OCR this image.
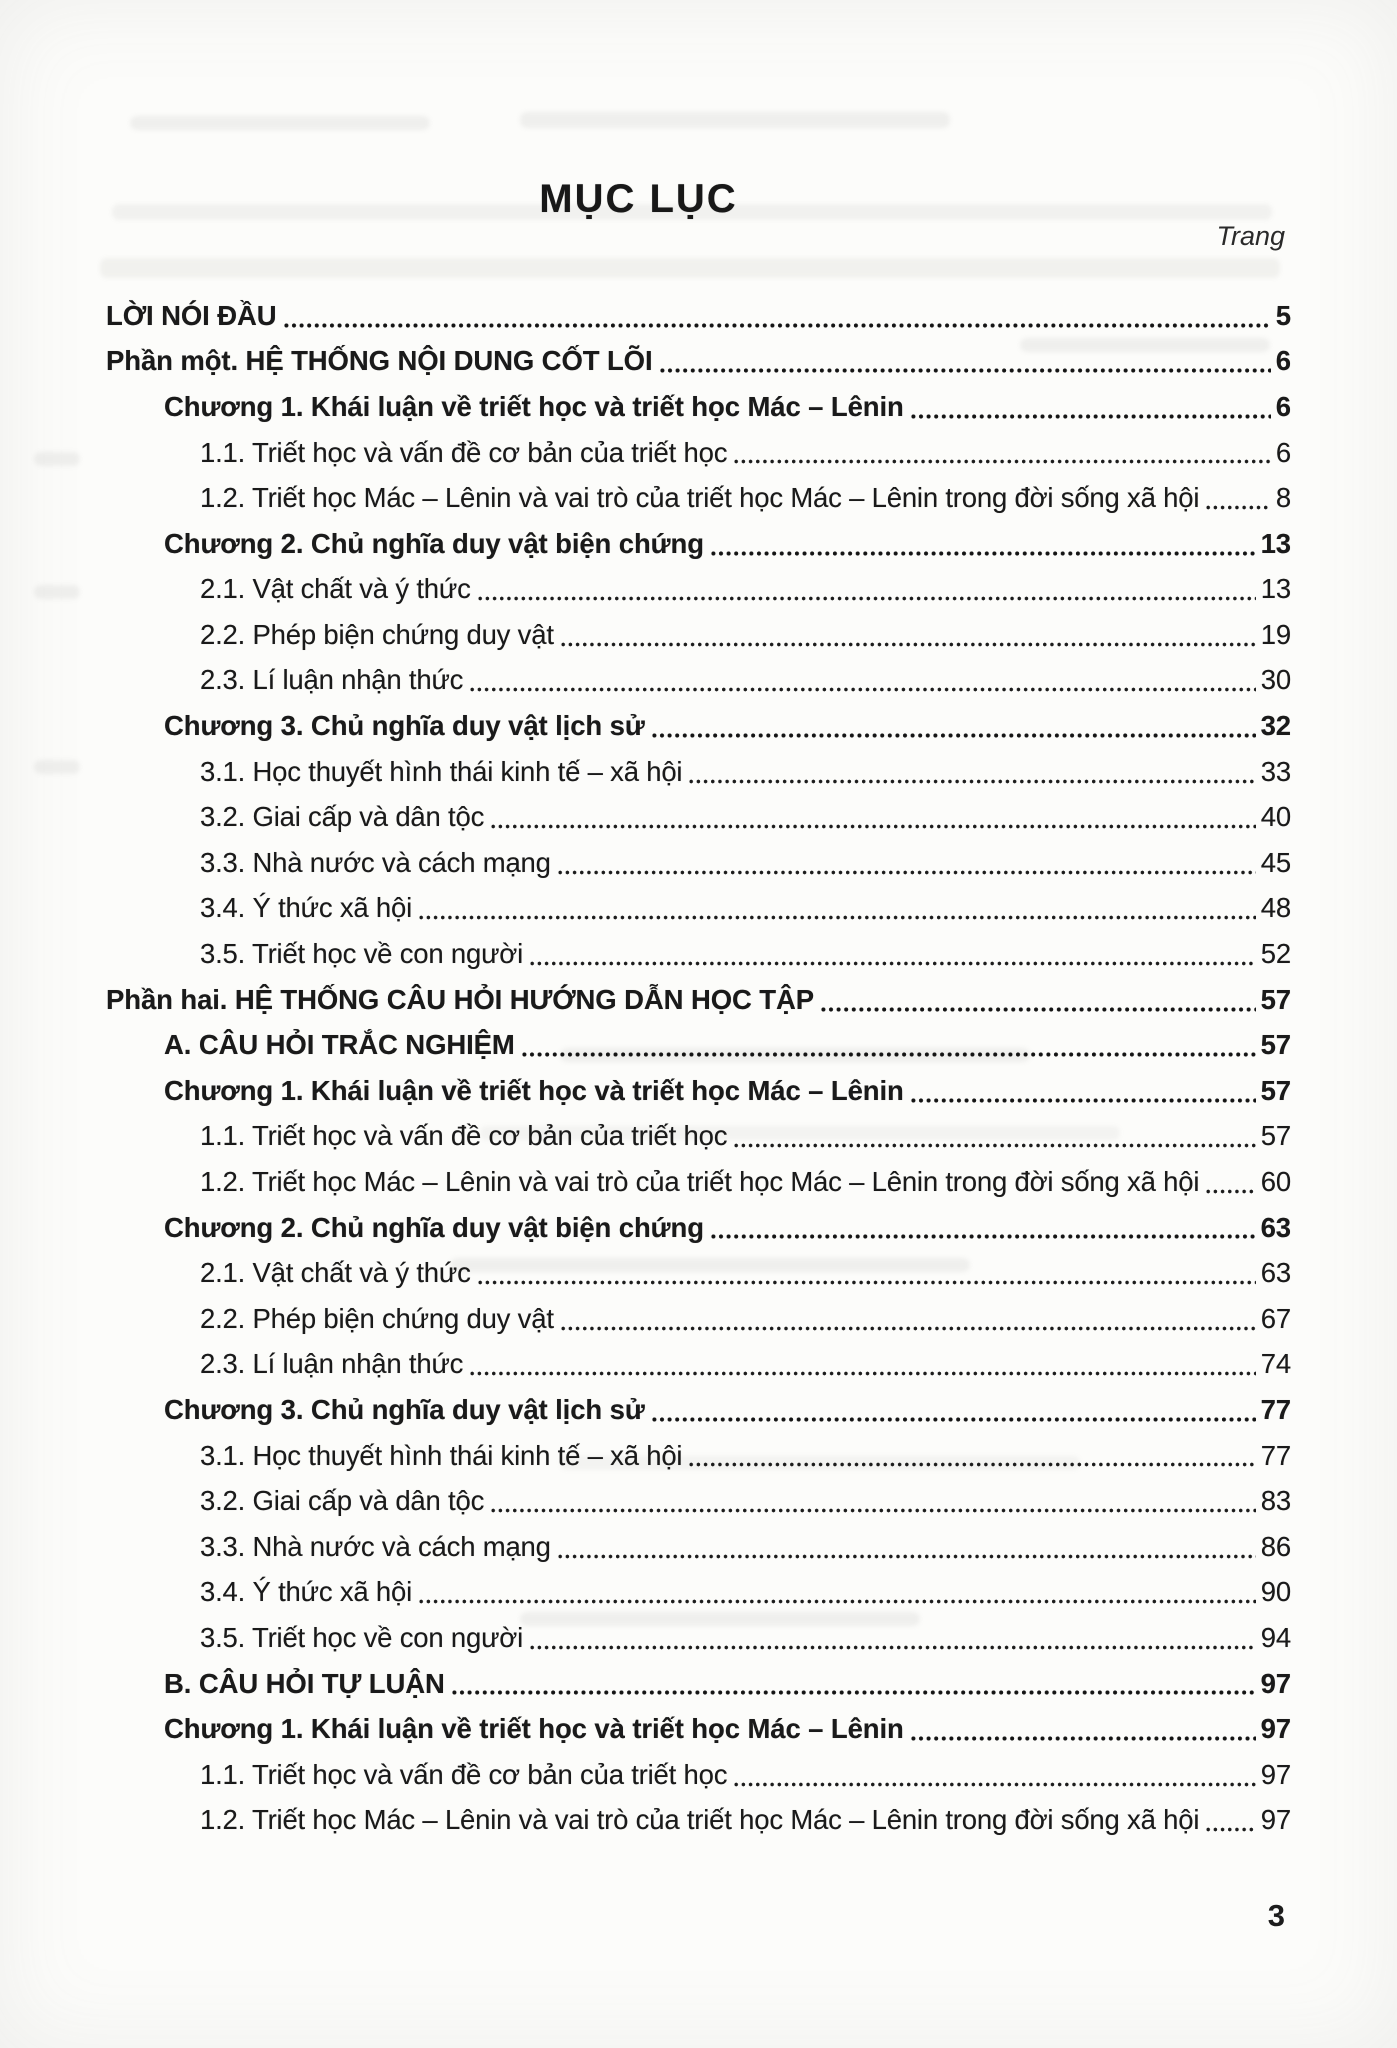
MỤC LỤC
Trang
LỜI NÓI ĐẦU	5
Phần một. HỆ THỐNG NỘI DUNG CỐT LÕI	6
Chương 1. Khái luận về triết học và triết học Mác – Lênin	6
1.1. Triết học và vấn đề cơ bản của triết học	6
1.2. Triết học Mác – Lênin và vai trò của triết học Mác – Lênin trong đời sống xã hội	8
Chương 2. Chủ nghĩa duy vật biện chứng	13
2.1. Vật chất và ý thức	13
2.2. Phép biện chứng duy vật	19
2.3. Lí luận nhận thức	30
Chương 3. Chủ nghĩa duy vật lịch sử	32
3.1. Học thuyết hình thái kinh tế – xã hội	33
3.2. Giai cấp và dân tộc	40
3.3. Nhà nước và cách mạng	45
3.4. Ý thức xã hội	48
3.5. Triết học về con người	52
Phần hai. HỆ THỐNG CÂU HỎI HƯỚNG DẪN HỌC TẬP	57
A. CÂU HỎI TRẮC NGHIỆM	57
Chương 1. Khái luận về triết học và triết học Mác – Lênin	57
1.1. Triết học và vấn đề cơ bản của triết học	57
1.2. Triết học Mác – Lênin và vai trò của triết học Mác – Lênin trong đời sống xã hội 60
Chương 2. Chủ nghĩa duy vật biện chứng	63
2.1. Vật chất và ý thức	63
2.2. Phép biện chứng duy vật	67
2.3. Lí luận nhận thức	74
Chương 3. Chủ nghĩa duy vật lịch sử	77
3.1. Học thuyết hình thái kinh tế – xã hội	77
3.2. Giai cấp và dân tộc	83
3.3. Nhà nước và cách mạng	86
3.4. Ý thức xã hội	90
3.5. Triết học về con người	94
B. CÂU HỎI TỰ LUẬN	97
Chương 1. Khái luận về triết học và triết học Mác – Lênin	97
1.1. Triết học và vấn đề cơ bản của triết học	97
1.2. Triết học Mác – Lênin và vai trò của triết học Mác – Lênin trong đời sống xã hội 97
3
